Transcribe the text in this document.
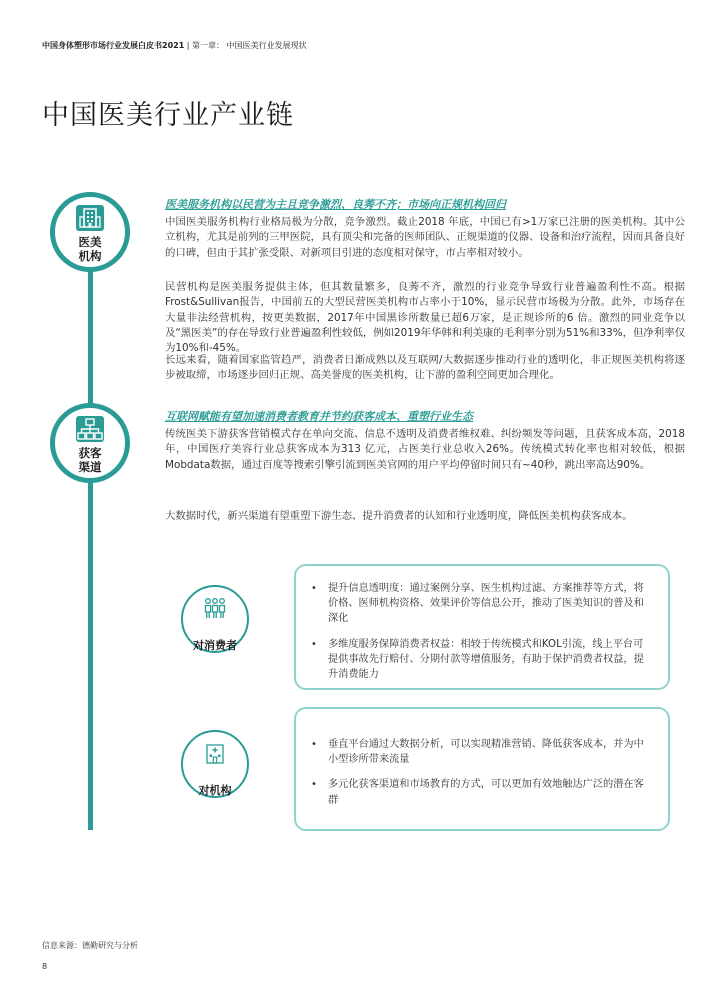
中国身体塑形市场行业发展白皮书2021 | 第一章： 中国医美行业发展现状
中国医美行业产业链
医美
机构
医美服务机构以民营为主且竞争激烈、良莠不齐；市场向正规机构回归
中国医美服务机构行业格局极为分散，竞争激烈。截止2018 年底，中国已有>1万家已注册的医美机构。其中公立机构，尤其是前列的三甲医院，具有顶尖和完备的医师团队、正规渠道的仪器、设备和治疗流程，因而具备良好的口碑，但由于其扩张受限、对新项目引进的态度相对保守，市占率相对较小。
民营机构是医美服务提供主体，但其数量繁多，良莠不齐，激烈的行业竞争导致行业普遍盈利性不高。根据Frost&Sullivan报告，中国前五的大型民营医美机构市占率小于10%，显示民营市场极为分散。此外，市场存在大量非法经营机构，按更美数据，2017年中国黑诊所数量已超6万家，是正规诊所的6 倍。激烈的同业竞争以及“黑医美”的存在导致行业普遍盈利性较低，例如2019年华韩和利美康的毛利率分别为51%和33%，但净利率仅为10%和-45%。
长远来看，随着国家监管趋严，消费者日渐成熟以及互联网/大数据逐步推动行业的透明化，非正规医美机构将逐步被取缔，市场逐步回归正规、高美誉度的医美机构，让下游的盈利空间更加合理化。
获客
渠道
互联网赋能有望加速消费者教育并节约获客成本、重塑行业生态
传统医美下游获客营销模式存在单向交流、信息不透明及消费者维权难、纠纷频发等问题，且获客成本高，2018 年，中国医疗美容行业总获客成本为313 亿元，占医美行业总收入26%。传统模式转化率也相对较低，根据Mobdata数据，通过百度等搜索引擎引流到医美官网的用户平均停留时间只有~40秒，跳出率高达90%。
大数据时代，新兴渠道有望重塑下游生态、提升消费者的认知和行业透明度，降低医美机构获客成本。
对消费者
• 提升信息透明度：通过案例分享、医生机构过滤、方案推荐等方式，将价格、医师机构资格、效果评价等信息公开，推动了医美知识的普及和深化
• 多维度服务保障消费者权益：相较于传统模式和KOL引流，线上平台可提供事故先行赔付、分期付款等增值服务，有助于保护消费者权益，提升消费能力
对机构
• 垂直平台通过大数据分析，可以实现精准营销、降低获客成本，并为中小型诊所带来流量
• 多元化获客渠道和市场教育的方式，可以更加有效地触达广泛的潜在客群
信息来源：德勤研究与分析
8
